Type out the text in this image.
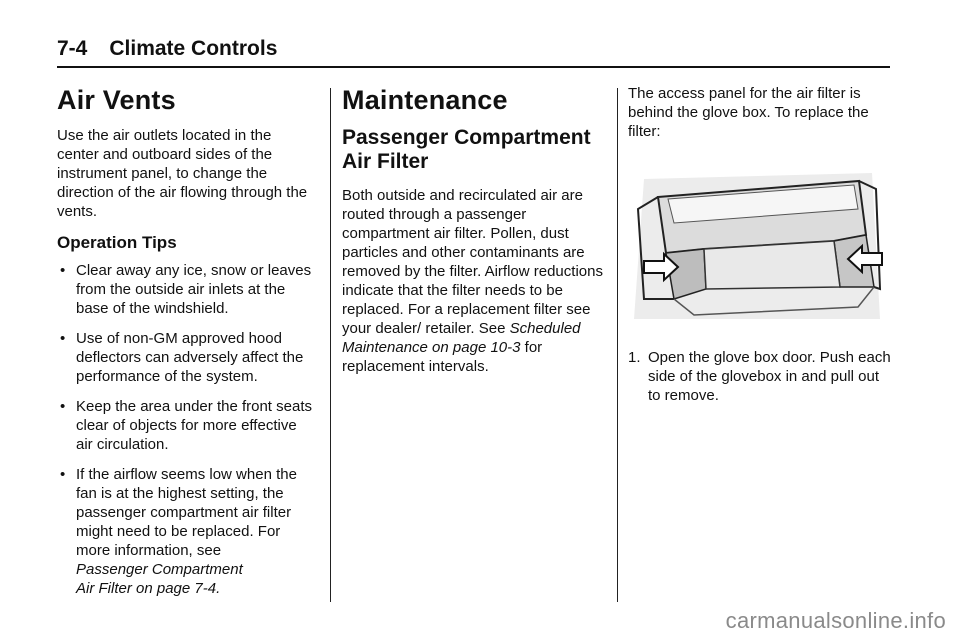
7-4 Climate Controls
Air Vents

Use the air outlets located in the center and outboard sides of the instrument panel, to change the direction of the air flowing through the vents.

Operation Tips
• Clear away any ice, snow or leaves from the outside air inlets at the base of the windshield.
• Use of non-GM approved hood deflectors can adversely affect the performance of the system.
• Keep the area under the front seats clear of objects for more effective air circulation.
• If the airflow seems low when the fan is at the highest setting, the passenger compartment air filter might need to be replaced. For more information, see
Passenger Compartment
Air Filter on page 7-4.
Maintenance
Passenger Compartment Air Filter

Both outside and recirculated air are routed through a passenger compartment air filter. Pollen, dust particles and other contaminants are removed by the filter. Airflow reductions indicate that the filter needs to be replaced. For a replacement filter see your dealer/ retailer. See Scheduled Maintenance on page 10-3 for replacement intervals.

The access panel for the air filter is behind the glove box. To replace the filter:

1. Open the glove box door. Push each side of the glovebox in and pull out to remove.
carmanualsonline.info
